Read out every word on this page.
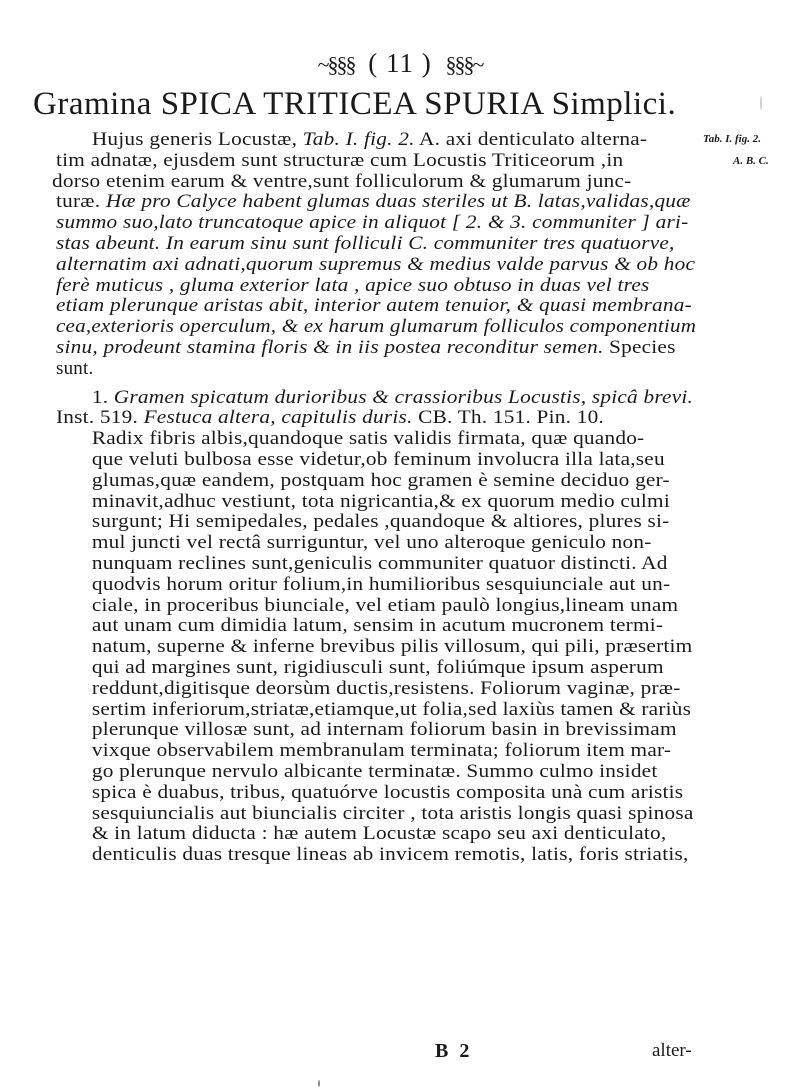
~§§§ ( 11 ) §§§~
Gramina SPICA TRITICEA SPURIA Simplici.
Tab. I. fig. 2.
A. B. C.
Hujus generis Locustæ, Tab. I. fig. 2. A. axi denticulato alterna-
tim adnatæ, ejusdem sunt structuræ cum Locustis Triticeorum ,in
dorso etenim earum & ventre,sunt folliculorum & glumarum junc-
turæ. Hæ pro Calyce habent glumas duas steriles ut B. latas,validas,quæ
summo suo,lato truncatoque apice in aliquot [ 2. & 3. communiter ] ari-
stas abeunt. In earum sinu sunt folliculi C. communiter tres quatuorve,
alternatim axi adnati,quorum supremus & medius valde parvus & ob hoc
ferè muticus , gluma exterior lata , apice suo obtuso in duas vel tres
etiam plerunque aristas abit, interior autem tenuior, & quasi membrana-
cea,exterioris operculum, & ex harum glumarum folliculos componentium
sinu, prodeunt stamina floris & in iis postea reconditur semen. Species
sunt.
1. Gramen spicatum durioribus & crassioribus Locustis, spicâ brevi.
Inst. 519. Festuca altera, capitulis duris. CB. Th. 151. Pin. 10.
Radix fibris albis,quandoque satis validis firmata, quæ quando-
que veluti bulbosa esse videtur,ob feminum involucra illa lata,seu
glumas,quæ eandem, postquam hoc gramen è semine deciduo ger-
minavit,adhuc vestiunt, tota nigricantia,& ex quorum medio culmi
surgunt; Hi semipedales, pedales ,quandoque & altiores, plures si-
mul juncti vel rectâ surriguntur, vel uno alteroque geniculo non-
nunquam reclines sunt,geniculis communiter quatuor distincti. Ad
quodvis horum oritur folium,in humilioribus sesquiunciale aut un-
ciale, in proceribus biunciale, vel etiam paulò longius,lineam unam
aut unam cum dimidia latum, sensim in acutum mucronem termi-
natum, superne & inferne brevibus pilis villosum, qui pili, præsertim
qui ad margines sunt, rigidiusculi sunt, foliúmque ipsum asperum
reddunt,digitisque deorsùm ductis,resistens. Foliorum vaginæ, præ-
sertim inferiorum,striatæ,etiamque,ut folia,sed laxiùs tamen & rariùs
plerunque villosæ sunt, ad internam foliorum basin in brevissimam
vixque observabilem membranulam terminata; foliorum item mar-
go plerunque nervulo albicante terminatæ. Summo culmo insidet
spica è duabus, tribus, quatuórve locustis composita unà cum aristis
sesquiuncialis aut biuncialis circiter , tota aristis longis quasi spinosa
& in latum diducta : hæ autem Locustæ scapo seu axi denticulato,
denticulis duas tresque lineas ab invicem remotis, latis, foris striatis,
B 2	alter-
